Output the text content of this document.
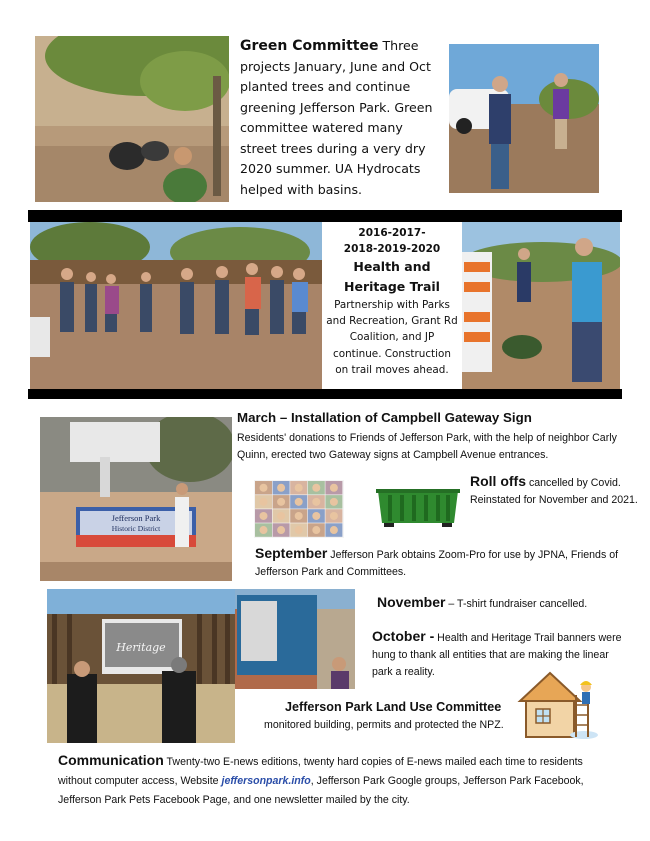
Green Committee Three projects January, June and Oct planted trees and continue greening Jefferson Park. Green committee watered many street trees during a very dry 2020 summer. UA Hydrocats helped with basins.
2016-2017-
2018-2019-2020
Health and
Heritage Trail
Partnership with Parks and Recreation, Grant Rd Coalition, and JP continue. Construction on trail moves ahead.
Jefferson Park
Historic District
March – Installation of Campbell Gateway Sign
Residents' donations to Friends of Jefferson Park, with the help of neighbor Carly Quinn, erected two Gateway signs at Campbell Avenue entrances.
Roll offs cancelled by Covid. Reinstated for November and 2021.
September Jefferson Park obtains Zoom-Pro for use by JPNA, Friends of Jefferson Park and Committees.
Heritage
November – T-shirt fundraiser cancelled.
October - Health and Heritage Trail banners were hung to thank all entities that are making the linear park a reality.
Jefferson Park Land Use Committee
monitored building, permits and protected the NPZ.
Communication Twenty-two E-news editions, twenty hard copies of E-news mailed each time to residents without computer access, Website jeffersonpark.info, Jefferson Park Google groups, Jefferson Park Facebook, Jefferson Park Pets Facebook Page, and one newsletter mailed by the city.
